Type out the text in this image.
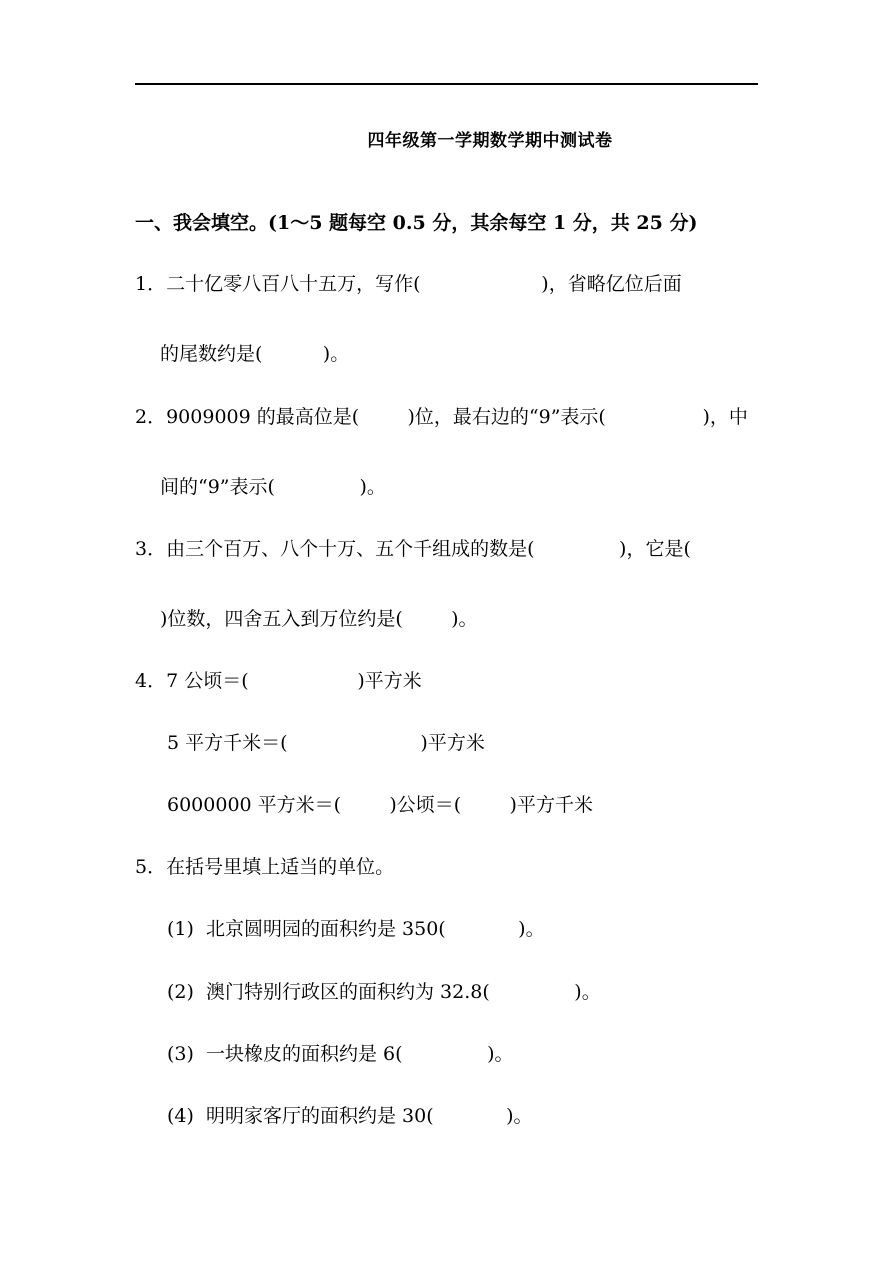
四年级第一学期数学期中测试卷
一、我会填空。(1～5 题每空 0.5 分，其余每空 1 分，共 25 分)
1．二十亿零八百八十五万，写作(                    )，省略亿位后面
的尾数约是(          )。
2．9009009 的最高位是(        )位，最右边的“9”表示(                )，中
间的“9”表示(              )。
3．由三个百万、八个十万、五个千组成的数是(              )，它是(
)位数，四舍五入到万位约是(        )。
4．7 公顷＝(                  )平方米
5 平方千米＝(                      )平方米
6000000 平方米＝(        )公顷＝(        )平方千米
5．在括号里填上适当的单位。
(1)  北京圆明园的面积约是 350(            )。
(2)  澳门特别行政区的面积约为 32.8(              )。
(3)  一块橡皮的面积约是 6(              )。
(4)  明明家客厅的面积约是 30(            )。
